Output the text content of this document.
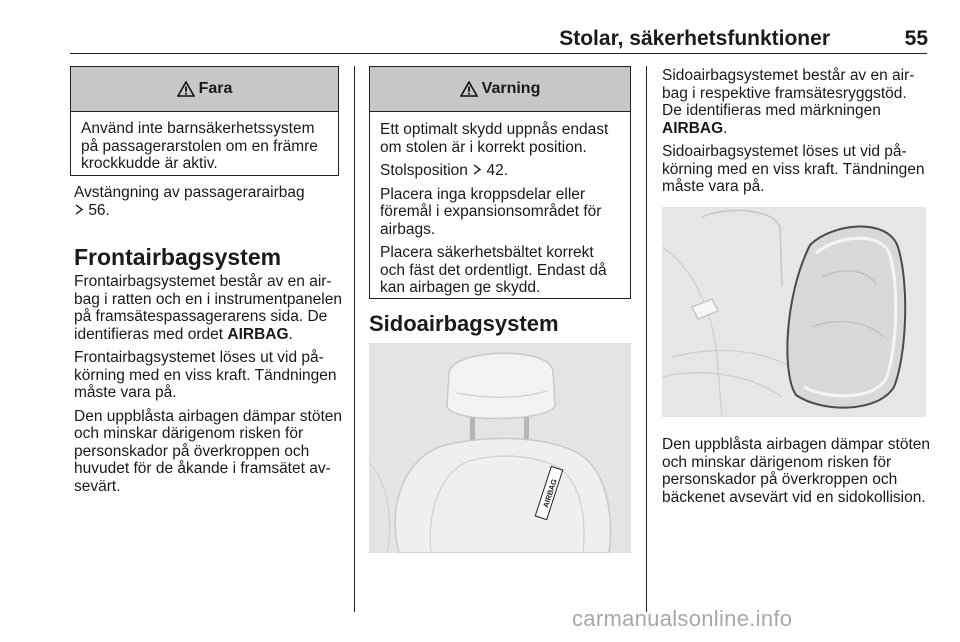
Stolar, säkerhetsfunktioner	55
Fara

Använd inte barnsäkerhetssystem på passagerarstolen om en främre krockkudde är aktiv.

Avstängning av passagerarairbag
56.

Frontairbagsystem

Frontairbagsystemet består av en airbag i ratten och en i instrumentpanelen på framsätespassagerarens sida. De identifieras med ordet AIRBAG.

Frontairbagsystemet löses ut vid påkörning med en viss kraft. Tändningen måste vara på.

Den uppblåsta airbagen dämpar stöten och minskar därigenom risken för personskador på överkroppen och huvudet för de åkande i framsätet avsevärt.

Varning

Ett optimalt skydd uppnås endast om stolen är i korrekt position.

Stolsposition 42.

Placera inga kroppsdelar eller föremål i expansionsområdet för airbags.

Placera säkerhetsbältet korrekt och fäst det ordentligt. Endast då kan airbagen ge skydd.

Sidoairbagsystem
AIRBAG

Sidoairbagsystemet består av en airbag i respektive framsätesryggstöd. De identifieras med märkningen AIRBAG.

Sidoairbagsystemet löses ut vid påkörning med en viss kraft. Tändningen måste vara på.

Den uppblåsta airbagen dämpar stöten och minskar därigenom risken för personskador på överkroppen och bäckenet avsevärt vid en sidokollision.

carmanualsonline.info
